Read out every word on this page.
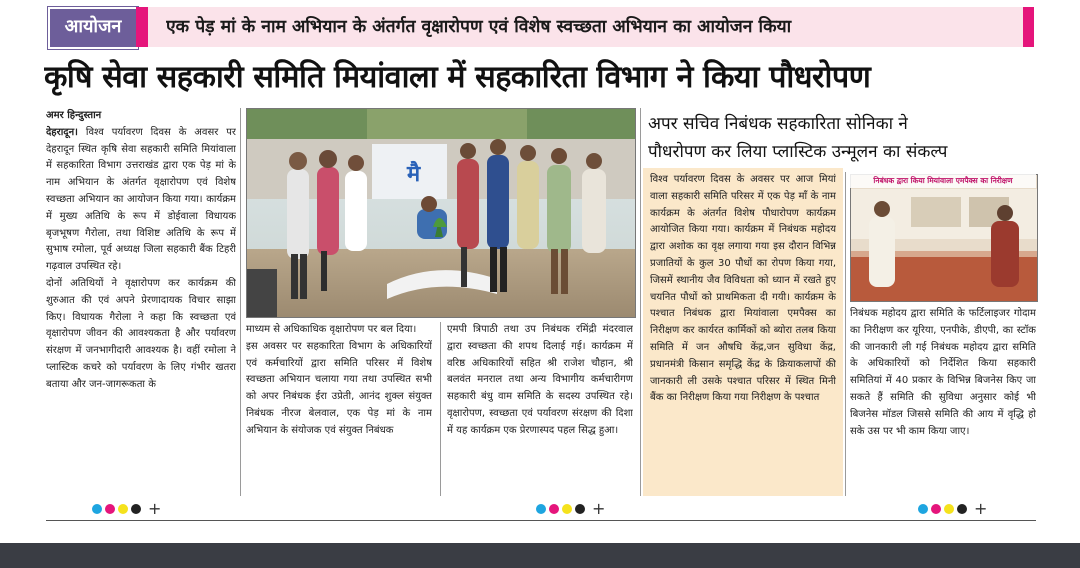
आयोजन	एक पेड़ मां के नाम अभियान के अंतर्गत वृक्षारोपण एवं विशेष स्वच्छता अभियान का आयोजन किया
कृषि सेवा सहकारी समिति मियांवाला में सहकारिता विभाग ने किया पौधरोपण

अमर हिन्दुस्तान

देहरादून। विश्व पर्यावरण दिवस के अवसर पर देहरादून स्थित कृषि सेवा सहकारी समिति मियांवाला में सहकारिता विभाग उत्तराखंड द्वारा एक पेड़ मां के नाम अभियान के अंतर्गत वृक्षारोपण एवं विशेष स्वच्छता अभियान का आयोजन किया गया। कार्यक्रम में मुख्य अतिथि के रूप में डोईवाला विधायक बृजभूषण गैरोला, तथा विशिष्ट अतिथि के रूप में सुभाष रमोला, पूर्व अध्यक्ष जिला सहकारी बैंक टिहरी गढ़वाल उपस्थित रहे।

दोनों अतिथियों ने वृक्षारोपण कर कार्यक्रम की शुरुआत की एवं अपने प्रेरणादायक विचार साझा किए। विधायक गैरोला ने कहा कि स्वच्छता एवं वृक्षारोपण जीवन की आवश्यकता है और पर्यावरण संरक्षण में जनभागीदारी आवश्यक है। वहीं रमोला ने प्लास्टिक कचरे को पर्यावरण के लिए गंभीर खतरा बताया और जन-जागरूकता के

मै

माध्यम से अधिकाधिक वृक्षारोपण पर बल दिया।

इस अवसर पर सहकारिता विभाग के अधिकारियों एवं कर्मचारियों द्वारा समिति परिसर में विशेष स्वच्छता अभियान चलाया गया तथा उपस्थित सभी को अपर निबंधक ईरा उप्रेती, आनंद शुक्ल संयुक्त निबंधक नीरज बेलवाल, एक पेड़ मां के नाम अभियान के संयोजक एवं संयुक्त निबंधक

एमपी त्रिपाठी तथा उप निबंधक रमिंद्री मंदरवाल द्वारा स्वच्छता की शपथ दिलाई गई। कार्यक्रम में वरिष्ठ अधिकारियों सहित श्री राजेश चौहान, श्री बलवंत मनराल तथा अन्य विभागीय कर्मचारीगण सहकारी बंधु वाम समिति के सदस्य उपस्थित रहे। वृक्षारोपण, स्वच्छता एवं पर्यावरण संरक्षण की दिशा में यह कार्यक्रम एक प्रेरणास्पद पहल सिद्ध हुआ।

अपर सचिव निबंधक सहकारिता सोनिका ने
पौधरोपण कर लिया प्लास्टिक उन्मूलन का संकल्प

विश्व पर्यावरण दिवस के अवसर पर आज मियां वाला सहकारी समिति परिसर में एक पेड़ माँ के नाम कार्यक्रम के अंतर्गत विशेष पौधारोपण कार्यक्रम आयोजित किया गया। कार्यक्रम में निबंधक महोदय द्वारा अशोक का वृक्ष लगाया गया इस दौरान विभिन्न प्रजातियों के कुल 30 पौधों का रोपण किया गया, जिसमें स्थानीय जैव विविधता को ध्यान में रखते हुए चयनित पौधों को प्राथमिकता दी गयी। कार्यक्रम के पश्चात निबंधक द्वारा मियांवाला एमपैक्स का निरीक्षण कर कार्यरत कार्मिकों को ब्योरा तलब किया समिति में जन औषधि केंद्र,जन सुविधा केंद्र, प्रधानमंत्री किसान समृद्धि केंद्र के क्रियाकलापों की जानकारी ली उसके पश्चात परिसर में स्थित मिनी बैंक का निरीक्षण किया गया निरीक्षण के पश्चात

निबंधक द्वारा किया मियांवाला एमपैक्स का निरीक्षण

निबंधक महोदय द्वारा समिति के फर्टिलाइजर गोदाम का निरीक्षण कर यूरिया, एनपीके, डीएपी, का स्टॉक की जानकारी ली गई निबंधक महोदय द्वारा समिति के अधिकारियों को निर्देशित किया सहकारी समितियां में 40 प्रकार के विभिन्न बिजनेस किए जा सकते हैं समिति की सुविधा अनुसार कोई भी बिजनेस मॉडल जिससे समिति की आय में वृद्धि हो सके उस पर भी काम किया जाए।

+	+	+
